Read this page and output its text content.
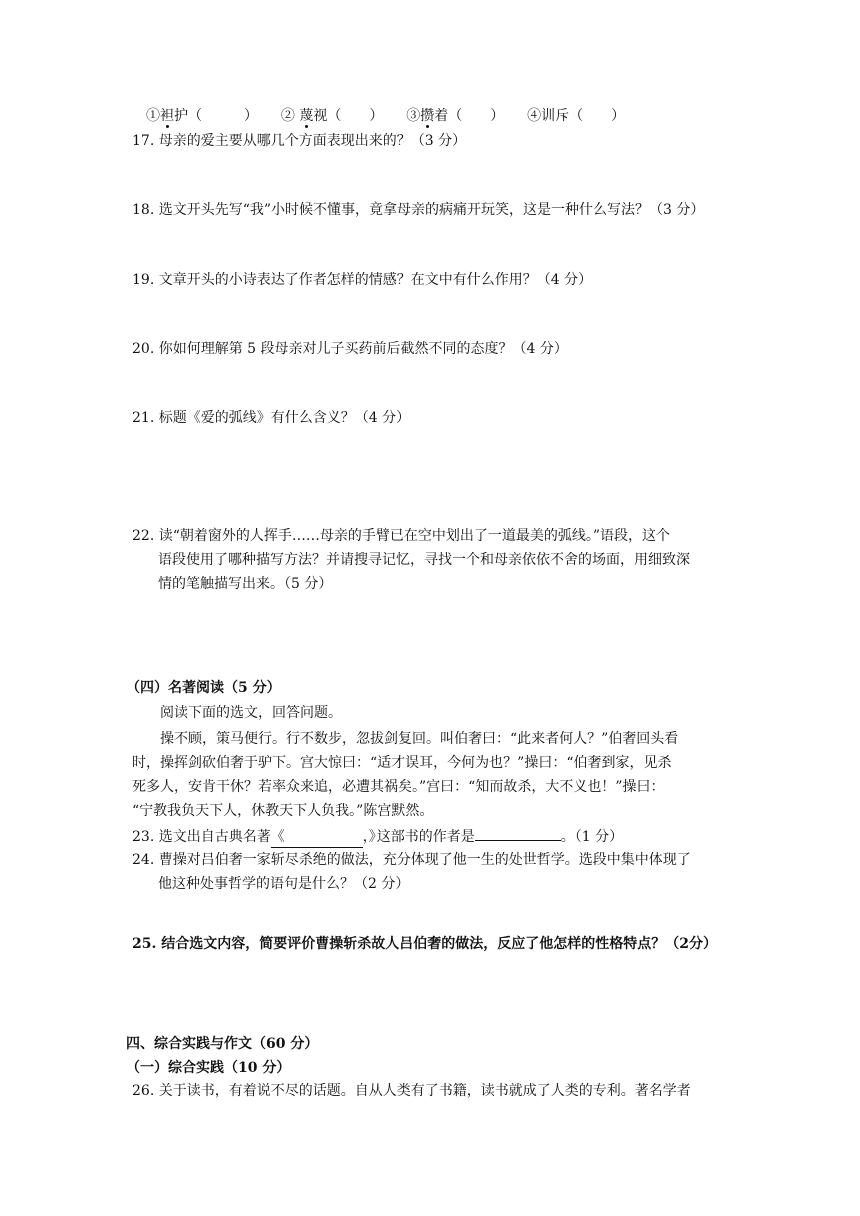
①袒护（　　　） ② 蔑视（　　） ③攒着（　　） ④训斥（　　）
17. 母亲的爱主要从哪几个方面表现出来的？（3 分）
18. 选文开头先写“我”小时候不懂事，竟拿母亲的病痛开玩笑，这是一种什么写法？（3 分）
19. 文章开头的小诗表达了作者怎样的情感？在文中有什么作用？（4 分）
20. 你如何理解第 5 段母亲对儿子买药前后截然不同的态度？（4 分）
21. 标题《爱的弧线》有什么含义？（4 分）
22. 读“朝着窗外的人挥手……母亲的手臂已在空中划出了一道最美的弧线。”语段，这个
语段使用了哪种描写方法？并请搜寻记忆，寻找一个和母亲依依不舍的场面，用细致深
情的笔触描写出来。（5 分）
（四）名著阅读（5 分）
阅读下面的选文，回答问题。
操不顾，策马便行。行不数步，忽拔剑复回。叫伯奢曰：“此来者何人？”伯奢回头看
时，操挥剑砍伯奢于驴下。宫大惊曰：“适才误耳，今何为也？”操曰：“伯奢到家，见杀
死多人，安肯干休？若率众来追，必遭其祸矣。”宫曰：“知而故杀，大不义也！”操曰：
“宁教我负天下人，休教天下人负我。”陈宫默然。
23. 选文出自古典名著《　　　　　　》，这部书的作者是	。（1 分）
24. 曹操对吕伯奢一家斩尽杀绝的做法，充分体现了他一生的处世哲学。选段中集中体现了
他这种处事哲学的语句是什么？（2 分）
25. 结合选文内容，简要评价曹操斩杀故人吕伯奢的做法，反应了他怎样的性格特点？（2分）
四、综合实践与作文（60 分）
（一）综合实践（10 分）
26. 关于读书，有着说不尽的话题。自从人类有了书籍，读书就成了人类的专利。著名学者
